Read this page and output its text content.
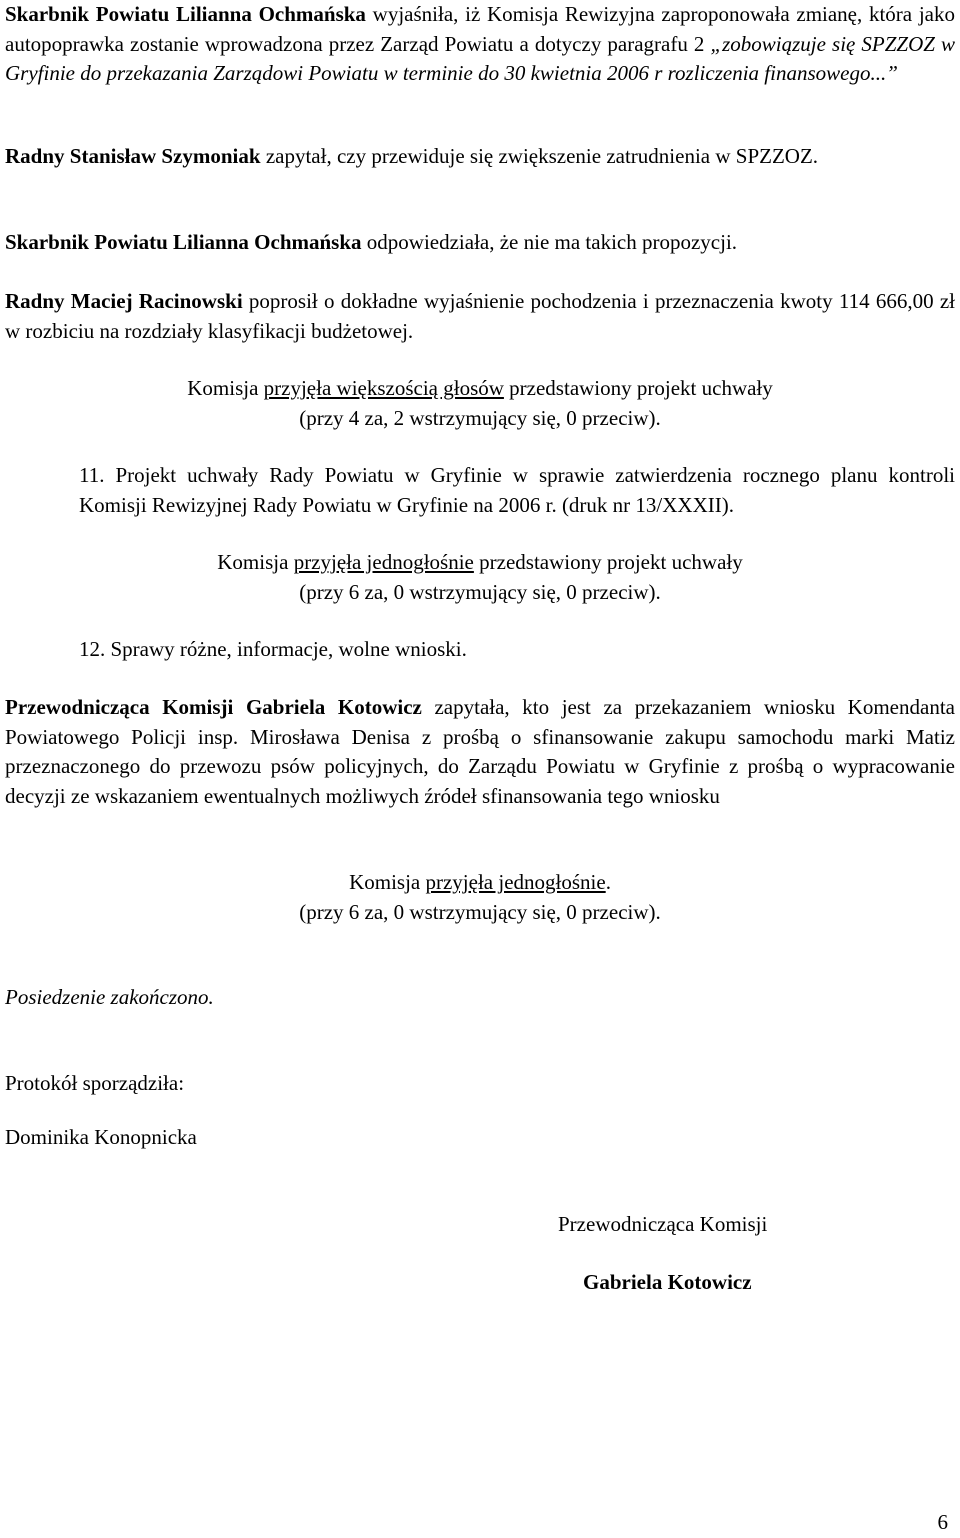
Skarbnik Powiatu Lilianna Ochmańska wyjaśniła, iż Komisja Rewizyjna zaproponowała zmianę, która jako autopoprawka zostanie wprowadzona przez Zarząd Powiatu a dotyczy paragrafu 2 „zobowiązuje się SPZZOZ w Gryfinie do przekazania Zarządowi Powiatu w terminie do 30 kwietnia 2006 r rozliczenia finansowego...”

Radny Stanisław Szymoniak zapytał, czy przewiduje się zwiększenie zatrudnienia w SPZZOZ.

Skarbnik Powiatu Lilianna Ochmańska odpowiedziała, że nie ma takich propozycji.

Radny Maciej Racinowski poprosił o dokładne wyjaśnienie pochodzenia i przeznaczenia kwoty 114 666,00 zł w rozbiciu na rozdziały klasyfikacji budżetowej.

Komisja przyjęła większością głosów przedstawiony projekt uchwały

(przy 4 za, 2 wstrzymujący się, 0 przeciw).

11. Projekt uchwały Rady Powiatu w Gryfinie w sprawie zatwierdzenia rocznego planu kontroli Komisji Rewizyjnej Rady Powiatu w Gryfinie na 2006 r. (druk nr 13/XXXII).

Komisja przyjęła jednogłośnie przedstawiony projekt uchwały

(przy 6 za, 0 wstrzymujący się, 0 przeciw).

12. Sprawy różne, informacje, wolne wnioski.

Przewodnicząca Komisji Gabriela Kotowicz zapytała, kto jest za przekazaniem wniosku Komendanta Powiatowego Policji insp. Mirosława Denisa z prośbą o sfinansowanie zakupu samochodu marki Matiz przeznaczonego do przewozu psów policyjnych, do Zarządu Powiatu w Gryfinie z prośbą o wypracowanie decyzji ze wskazaniem ewentualnych możliwych źródeł sfinansowania tego wniosku

Komisja przyjęła jednogłośnie.

(przy 6 za, 0 wstrzymujący się, 0 przeciw).

Posiedzenie zakończono.

Protokół sporządziła:

Dominika Konopnicka

Przewodnicząca Komisji

Gabriela Kotowicz

6
